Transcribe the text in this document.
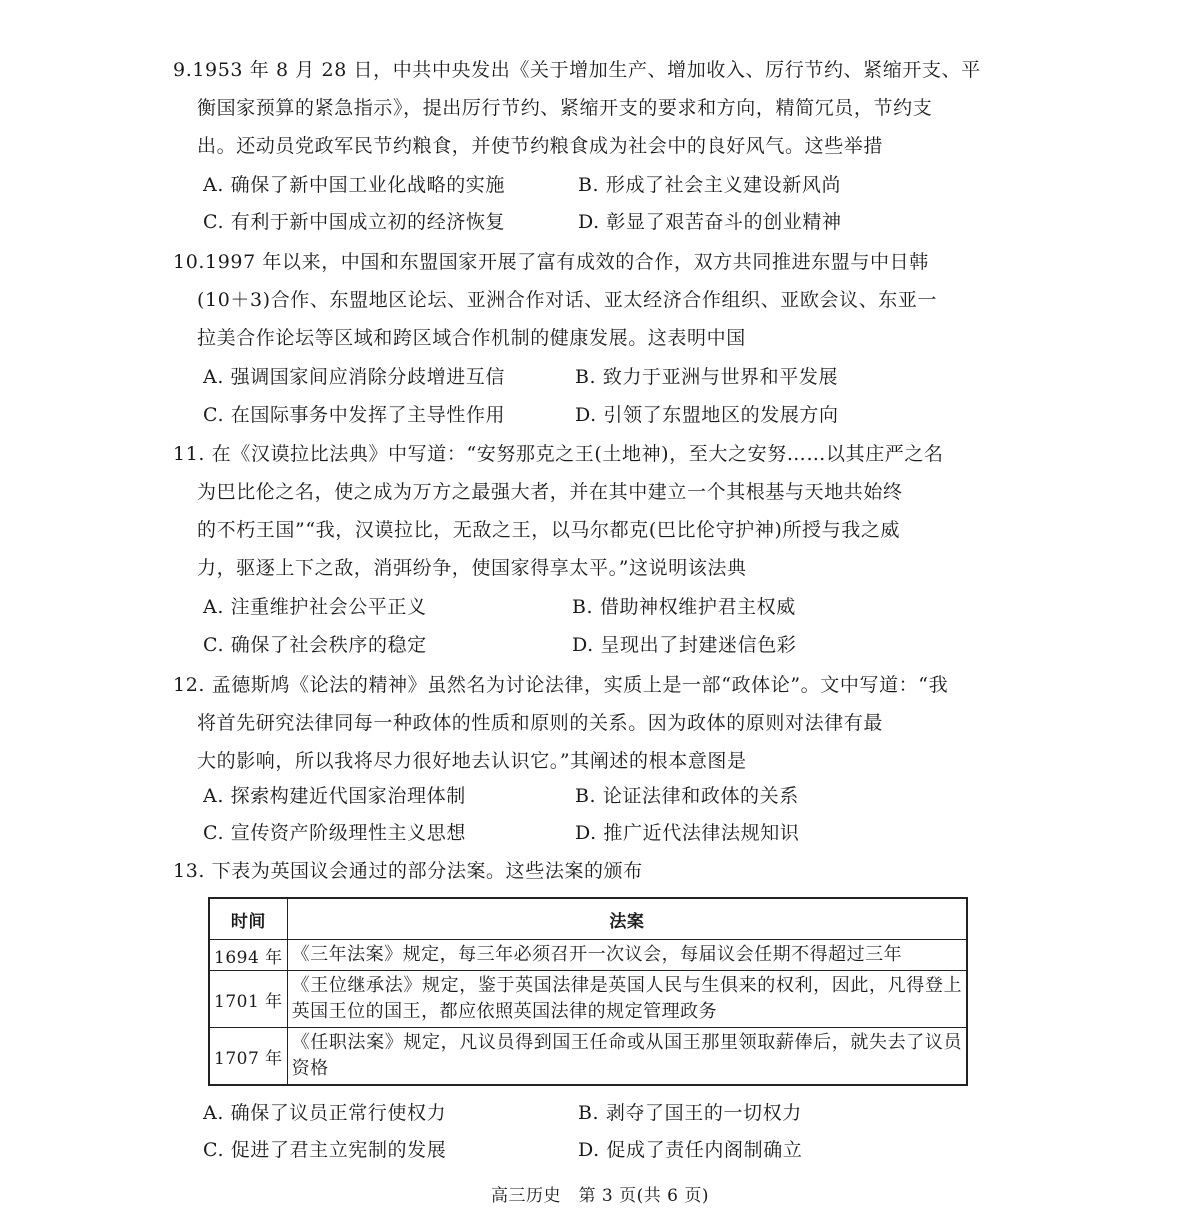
9.1953 年 8 月 28 日，中共中央发出《关于增加生产、增加收入、厉行节约、紧缩开支、平
衡国家预算的紧急指示》，提出厉行节约、紧缩开支的要求和方向，精简冗员，节约支
出。还动员党政军民节约粮食，并使节约粮食成为社会中的良好风气。这些举措
A. 确保了新中国工业化战略的实施	B. 形成了社会主义建设新风尚
C. 有利于新中国成立初的经济恢复	D. 彰显了艰苦奋斗的创业精神
10.1997 年以来，中国和东盟国家开展了富有成效的合作，双方共同推进东盟与中日韩
(10＋3)合作、东盟地区论坛、亚洲合作对话、亚太经济合作组织、亚欧会议、东亚一
拉美合作论坛等区域和跨区域合作机制的健康发展。这表明中国
A. 强调国家间应消除分歧增进互信	B. 致力于亚洲与世界和平发展
C. 在国际事务中发挥了主导性作用	D. 引领了东盟地区的发展方向
11. 在《汉谟拉比法典》中写道：“安努那克之王(土地神)，至大之安努……以其庄严之名
为巴比伦之名，使之成为万方之最强大者，并在其中建立一个其根基与天地共始终
的不朽王国”“我，汉谟拉比，无敌之王，以马尔都克(巴比伦守护神)所授与我之威
力，驱逐上下之敌，消弭纷争，使国家得享太平。”这说明该法典
A. 注重维护社会公平正义	B. 借助神权维护君主权威
C. 确保了社会秩序的稳定	D. 呈现出了封建迷信色彩
12. 孟德斯鸠《论法的精神》虽然名为讨论法律，实质上是一部“政体论”。文中写道：“我
将首先研究法律同每一种政体的性质和原则的关系。因为政体的原则对法律有最
大的影响，所以我将尽力很好地去认识它。”其阐述的根本意图是
A. 探索构建近代国家治理体制	B. 论证法律和政体的关系
C. 宣传资产阶级理性主义思想	D. 推广近代法律法规知识
13. 下表为英国议会通过的部分法案。这些法案的颁布
时间	法案
1694 年	《三年法案》规定，每三年必须召开一次议会，每届议会任期不得超过三年
1701 年	《王位继承法》规定，鉴于英国法律是英国人民与生俱来的权利，因此，凡得登上英国王位的国王，都应依照英国法律的规定管理政务
1707 年	《任职法案》规定，凡议员得到国王任命或从国王那里领取薪俸后，就失去了议员资格
A. 确保了议员正常行使权力	B. 剥夺了国王的一切权力
C. 促进了君主立宪制的发展	D. 促成了责任内阁制确立
高三历史　第 3 页(共 6 页)
